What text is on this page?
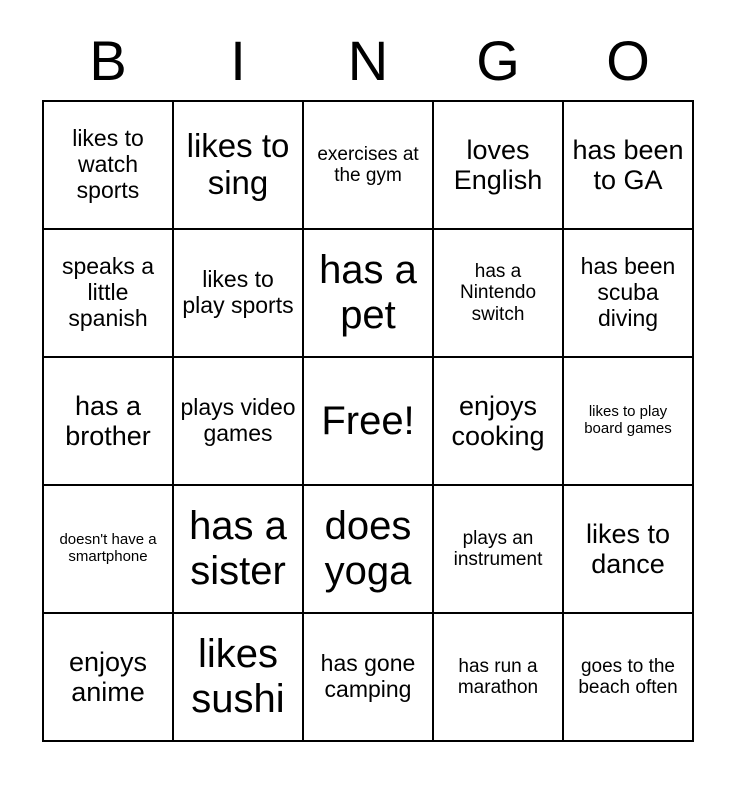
B	I	N	G	O
likes to watch sports	likes to sing	exercises at the gym	loves English	has been to GA
speaks a little spanish	likes to play sports	has a pet	has a Nintendo switch	has been scuba diving
has a brother	plays video games	Free!	enjoys cooking	likes to play board games
doesn't have a smartphone	has a sister	does yoga	plays an instrument	likes to dance
enjoys anime	likes sushi	has gone camping	has run a marathon	goes to the beach often
